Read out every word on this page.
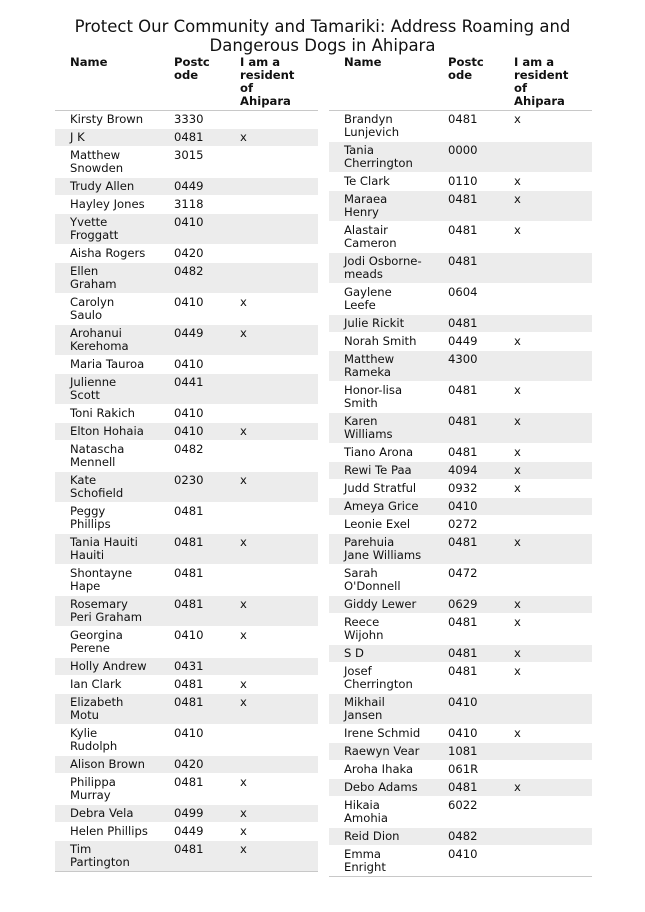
Protect Our Community and Tamariki: Address Roaming and
Dangerous Dogs in Ahipara
Name	Postc
ode	I am a
resident
of
Ahipara

Kirsty Brown	3330	
J K	0481	x
Matthew
Snowden	3015	
Trudy Allen	0449	
Hayley Jones	3118	
Yvette
Froggatt	0410	
Aisha Rogers	0420	
Ellen
Graham	0482	
Carolyn
Saulo	0410	x
Arohanui
Kerehoma	0449	x
Maria Tauroa	0410	
Julienne
Scott	0441	
Toni Rakich	0410	
Elton Hohaia	0410	x
Natascha
Mennell	0482	
Kate
Schofield	0230	x
Peggy
Phillips	0481	
Tania Hauiti
Hauiti	0481	x
Shontayne
Hape	0481	
Rosemary
Peri Graham	0481	x
Georgina
Perene	0410	x
Holly Andrew	0431	
Ian Clark	0481	x
Elizabeth
Motu	0481	x
Kylie
Rudolph	0410	
Alison Brown	0420	
Philippa
Murray	0481	x
Debra Vela	0499	x
Helen Phillips	0449	x
Tim
Partington	0481	x
Name	Postc
ode	I am a
resident
of
Ahipara

Brandyn
Lunjevich	0481	x
Tania
Cherrington	0000	
Te Clark	0110	x
Maraea
Henry	0481	x
Alastair
Cameron	0481	x
Jodi Osborne-
meads	0481	
Gaylene
Leefe	0604	
Julie Rickit	0481	
Norah Smith	0449	x
Matthew
Rameka	4300	
Honor-lisa
Smith	0481	x
Karen
Williams	0481	x
Tiano Arona	0481	x
Rewi Te Paa	4094	x
Judd Stratful	0932	x
Ameya Grice	0410	
Leonie Exel	0272	
Parehuia
Jane Williams	0481	x
Sarah
O'Donnell	0472	
Giddy Lewer	0629	x
Reece
Wijohn	0481	x
S D	0481	x
Josef
Cherrington	0481	x
Mikhail
Jansen	0410	
Irene Schmid	0410	x
Raewyn Vear	1081	
Aroha Ihaka	061R	
Debo Adams	0481	x
Hikaia
Amohia	6022	
Reid Dion	0482	
Emma
Enright	0410	
